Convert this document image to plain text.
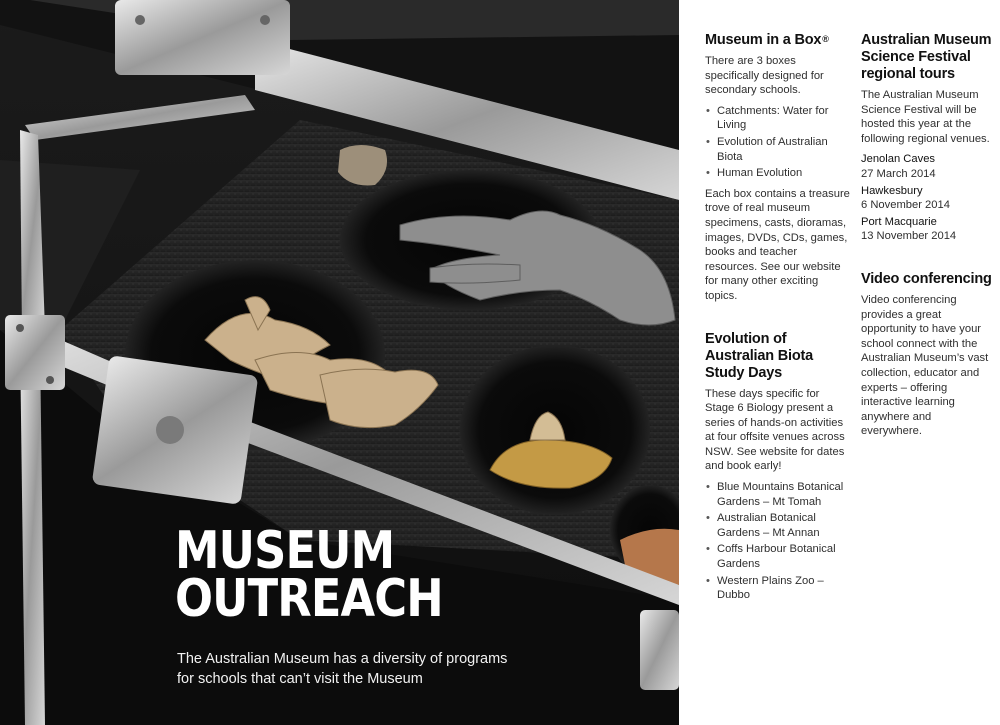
MUSEUM
OUTREACH

The Australian Museum has a diversity of programs for schools that can’t visit the Museum

Museum in a Box®

There are 3 boxes specifically designed for secondary schools.

• Catchments: Water for Living
• Evolution of Australian Biota
• Human Evolution

Each box contains a treasure trove of real museum specimens, casts, dioramas, images, DVDs, CDs, games, books and teacher resources. See our website for many other exciting topics.

Evolution of Australian Biota Study Days

These days specific for Stage 6 Biology present a series of hands-on activities at four offsite venues across NSW. See website for dates and book early!

• Blue Mountains Botanical Gardens – Mt Tomah
• Australian Botanical Gardens – Mt Annan
• Coffs Harbour Botanical Gardens
• Western Plains Zoo – Dubbo
Australian Museum Science Festival regional tours

The Australian Museum Science Festival will be hosted this year at the following regional venues.

Jenolan Caves
27 March 2014
Hawkesbury
6 November 2014
Port Macquarie
13 November 2014
Video conferencing

Video conferencing provides a great opportunity to have your school connect with the Australian Museum’s vast collection, educator and experts – offering interactive learning anywhere and everywhere.
